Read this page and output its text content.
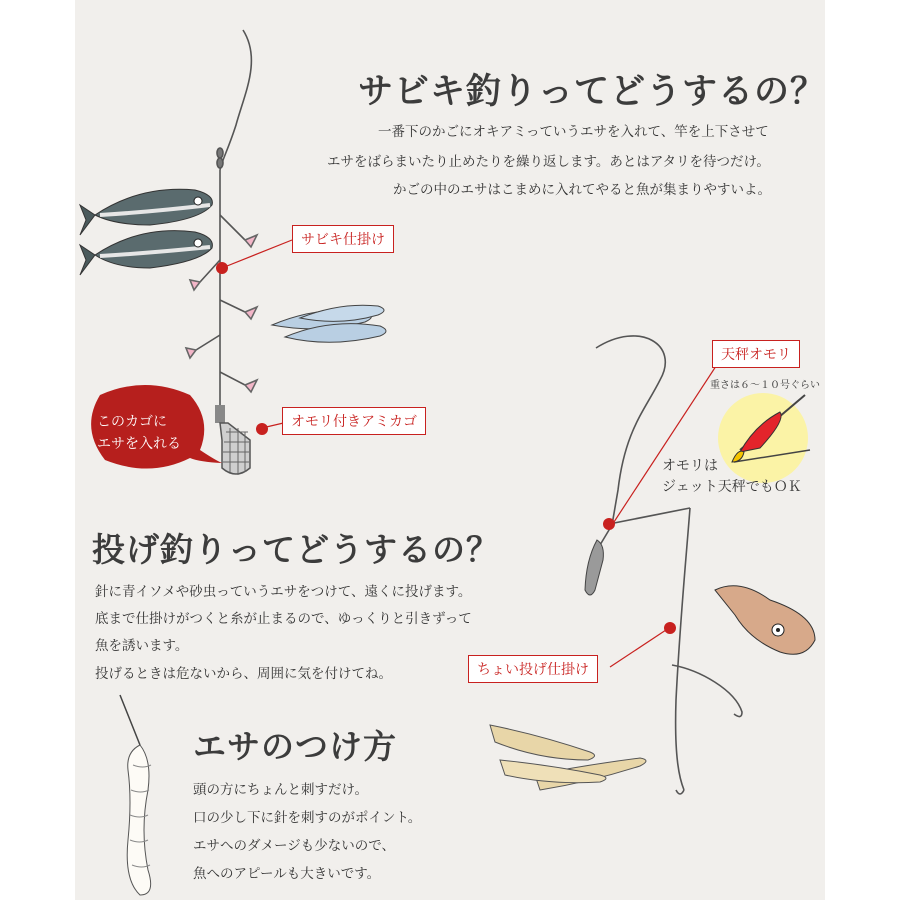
サビキ釣りってどうするの？
一番下のかごにオキアミっていうエサを入れて、竿を上下させて
エサをばらまいたり止めたりを繰り返します。あとはアタリを待つだけ。
かごの中のエサはこまめに入れてやると魚が集まりやすいよ。
サビキ仕掛け
オモリ付きアミカゴ
このカゴに
エサを入れる
天秤オモリ
重さは６～１０号ぐらい
オモリは
ジェット天秤でもＯＫ
投げ釣りってどうするの？
針に青イソメや砂虫っていうエサをつけて、遠くに投げます。
底まで仕掛けがつくと糸が止まるので、ゆっくりと引きずって
魚を誘います。
投げるときは危ないから、周囲に気を付けてね。	ちょい投げ仕掛け
エサのつけ方
頭の方にちょんと刺すだけ。
口の少し下に針を刺すのがポイント。
エサへのダメージも少ないので、
魚へのアピールも大きいです。
